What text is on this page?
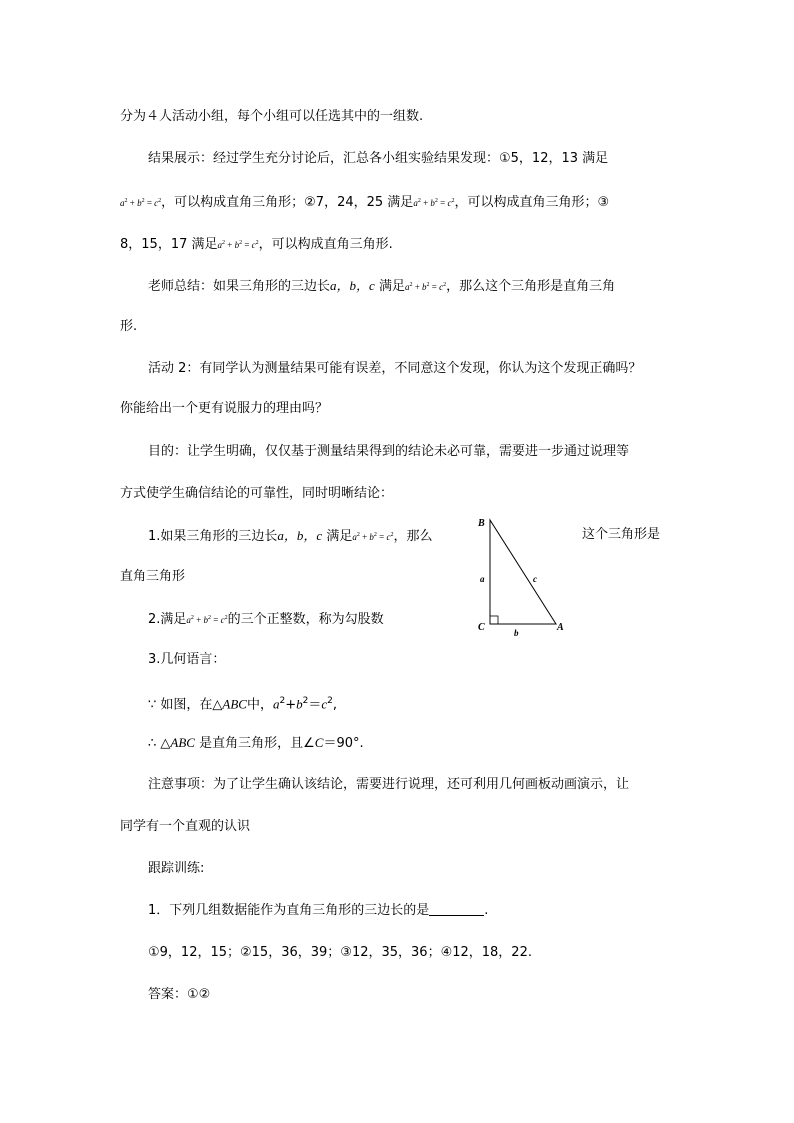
分为４人活动小组，每个小组可以任选其中的一组数.
结果展示：经过学生充分讨论后，汇总各小组实验结果发现：①5，12，13 满足
$a^2 + b^2 = c^2$，可以构成直角三角形；②7，24，25 满足$a^2 + b^2 = c^2$，可以构成直角三角形；③
8，15，17 满足$a^2 + b^2 = c^2$，可以构成直角三角形.
老师总结：如果三角形的三边长a，b，c 满足$a^2 + b^2 = c^2$，那么这个三角形是直角三角
形.
活动 2：有同学认为测量结果可能有误差，不同意这个发现，你认为这个发现正确吗？
你能给出一个更有说服力的理由吗？
目的：让学生明确，仅仅基于测量结果得到的结论未必可靠，需要进一步通过说理等
方式使学生确信结论的可靠性，同时明晰结论：
1.如果三角形的三边长a，b，c 满足$a^2 + b^2 = c^2$，那么	这个三角形是
直角三角形
2.满足$a^2 + b^2 = c^2$的三个正整数，称为勾股数
3.几何语言：
∵ 如图，在△ABC中，$a^2+b^2=c^2$,
∴ △ABC 是直角三角形，且∠C＝90°.
注意事项：为了让学生确认该结论，需要进行说理，还可利用几何画板动画演示，让
同学有一个直观的认识
跟踪训练:
1．下列几组数据能作为直角三角形的三边长的是	.
①9，12，15；②15，36，39；③12，35，36；④12，18，22.
答案：①②
B
C	A
a
b
c
